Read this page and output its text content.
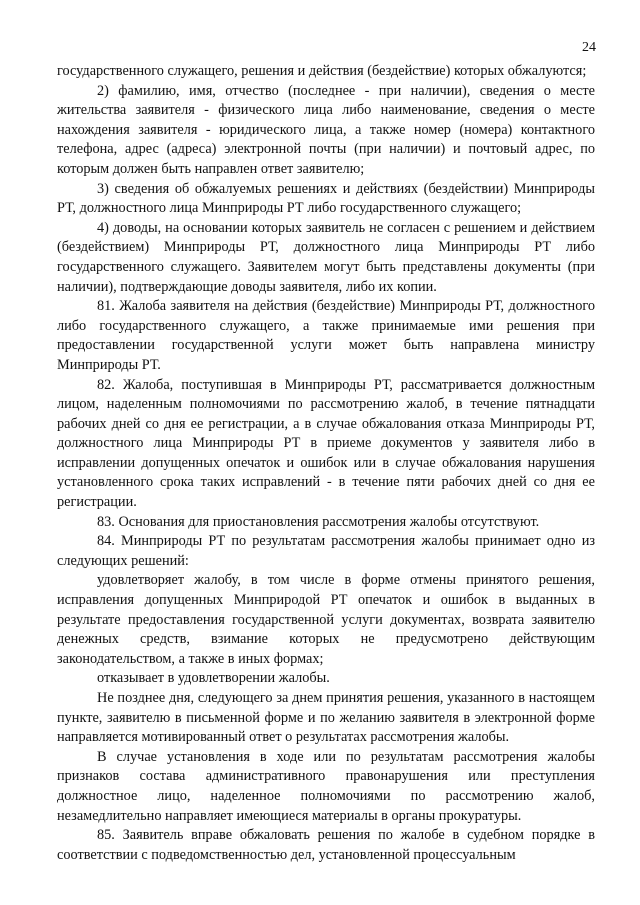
24

государственного служащего, решения и действия (бездействие) которых обжалуются;

2) фамилию, имя, отчество (последнее - при наличии), сведения о месте жительства заявителя - физического лица либо наименование, сведения о месте нахождения заявителя - юридического лица, а также номер (номера) контактного телефона, адрес (адреса) электронной почты (при наличии) и почтовый адрес, по которым должен быть направлен ответ заявителю;

3) сведения об обжалуемых решениях и действиях (бездействии) Минприроды РТ, должностного лица Минприроды РТ либо государственного служащего;

4) доводы, на основании которых заявитель не согласен с решением и действием (бездействием) Минприроды РТ, должностного лица Минприроды РТ либо государственного служащего. Заявителем могут быть представлены документы (при наличии), подтверждающие доводы заявителя, либо их копии.

81. Жалоба заявителя на действия (бездействие) Минприроды РТ, должностного либо государственного служащего, а также принимаемые ими решения при предоставлении государственной услуги может быть направлена министру Минприроды РТ.

82. Жалоба, поступившая в Минприроды РТ, рассматривается должностным лицом, наделенным полномочиями по рассмотрению жалоб, в течение пятнадцати рабочих дней со дня ее регистрации, а в случае обжалования отказа Минприроды РТ, должностного лица Минприроды РТ в приеме документов у заявителя либо в исправлении допущенных опечаток и ошибок или в случае обжалования нарушения установленного срока таких исправлений - в течение пяти рабочих дней со дня ее регистрации.

83. Основания для приостановления рассмотрения жалобы отсутствуют.

84. Минприроды РТ по результатам рассмотрения жалобы принимает одно из следующих решений:

удовлетворяет жалобу, в том числе в форме отмены принятого решения, исправления допущенных Минприродой РТ опечаток и ошибок в выданных в результате предоставления государственной услуги документах, возврата заявителю денежных средств, взимание которых не предусмотрено действующим законодательством, а также в иных формах;

отказывает в удовлетворении жалобы.

Не позднее дня, следующего за днем принятия решения, указанного в настоящем пункте, заявителю в письменной форме и по желанию заявителя в электронной форме направляется мотивированный ответ о результатах рассмотрения жалобы.

В случае установления в ходе или по результатам рассмотрения жалобы признаков состава административного правонарушения или преступления должностное лицо, наделенное полномочиями по рассмотрению жалоб, незамедлительно направляет имеющиеся материалы в органы прокуратуры.

85. Заявитель вправе обжаловать решения по жалобе в судебном порядке в соответствии с подведомственностью дел, установленной процессуальным
